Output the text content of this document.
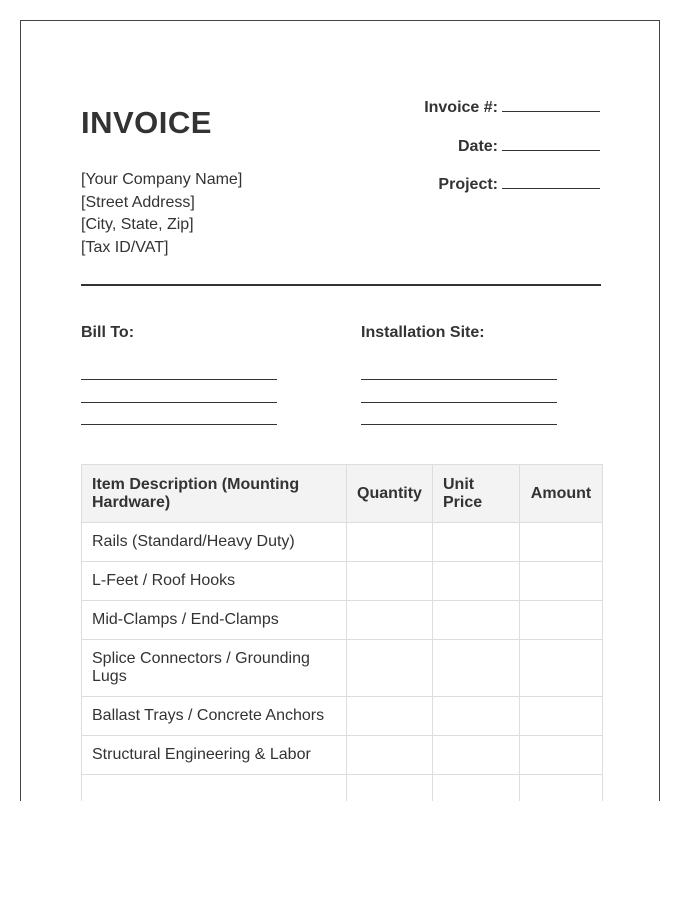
INVOICE
[Your Company Name]
[Street Address]
[City, State, Zip]
[Tax ID/VAT]
Invoice #:
Date:
Project:
Bill To:	Installation Site:
Item Description (Mounting Hardware)	Quantity	Unit Price	Amount
Rails (Standard/Heavy Duty)			
L-Feet / Roof Hooks			
Mid-Clamps / End-Clamps			
Splice Connectors / Grounding Lugs			
Ballast Trays / Concrete Anchors			
Structural Engineering & Labor			
